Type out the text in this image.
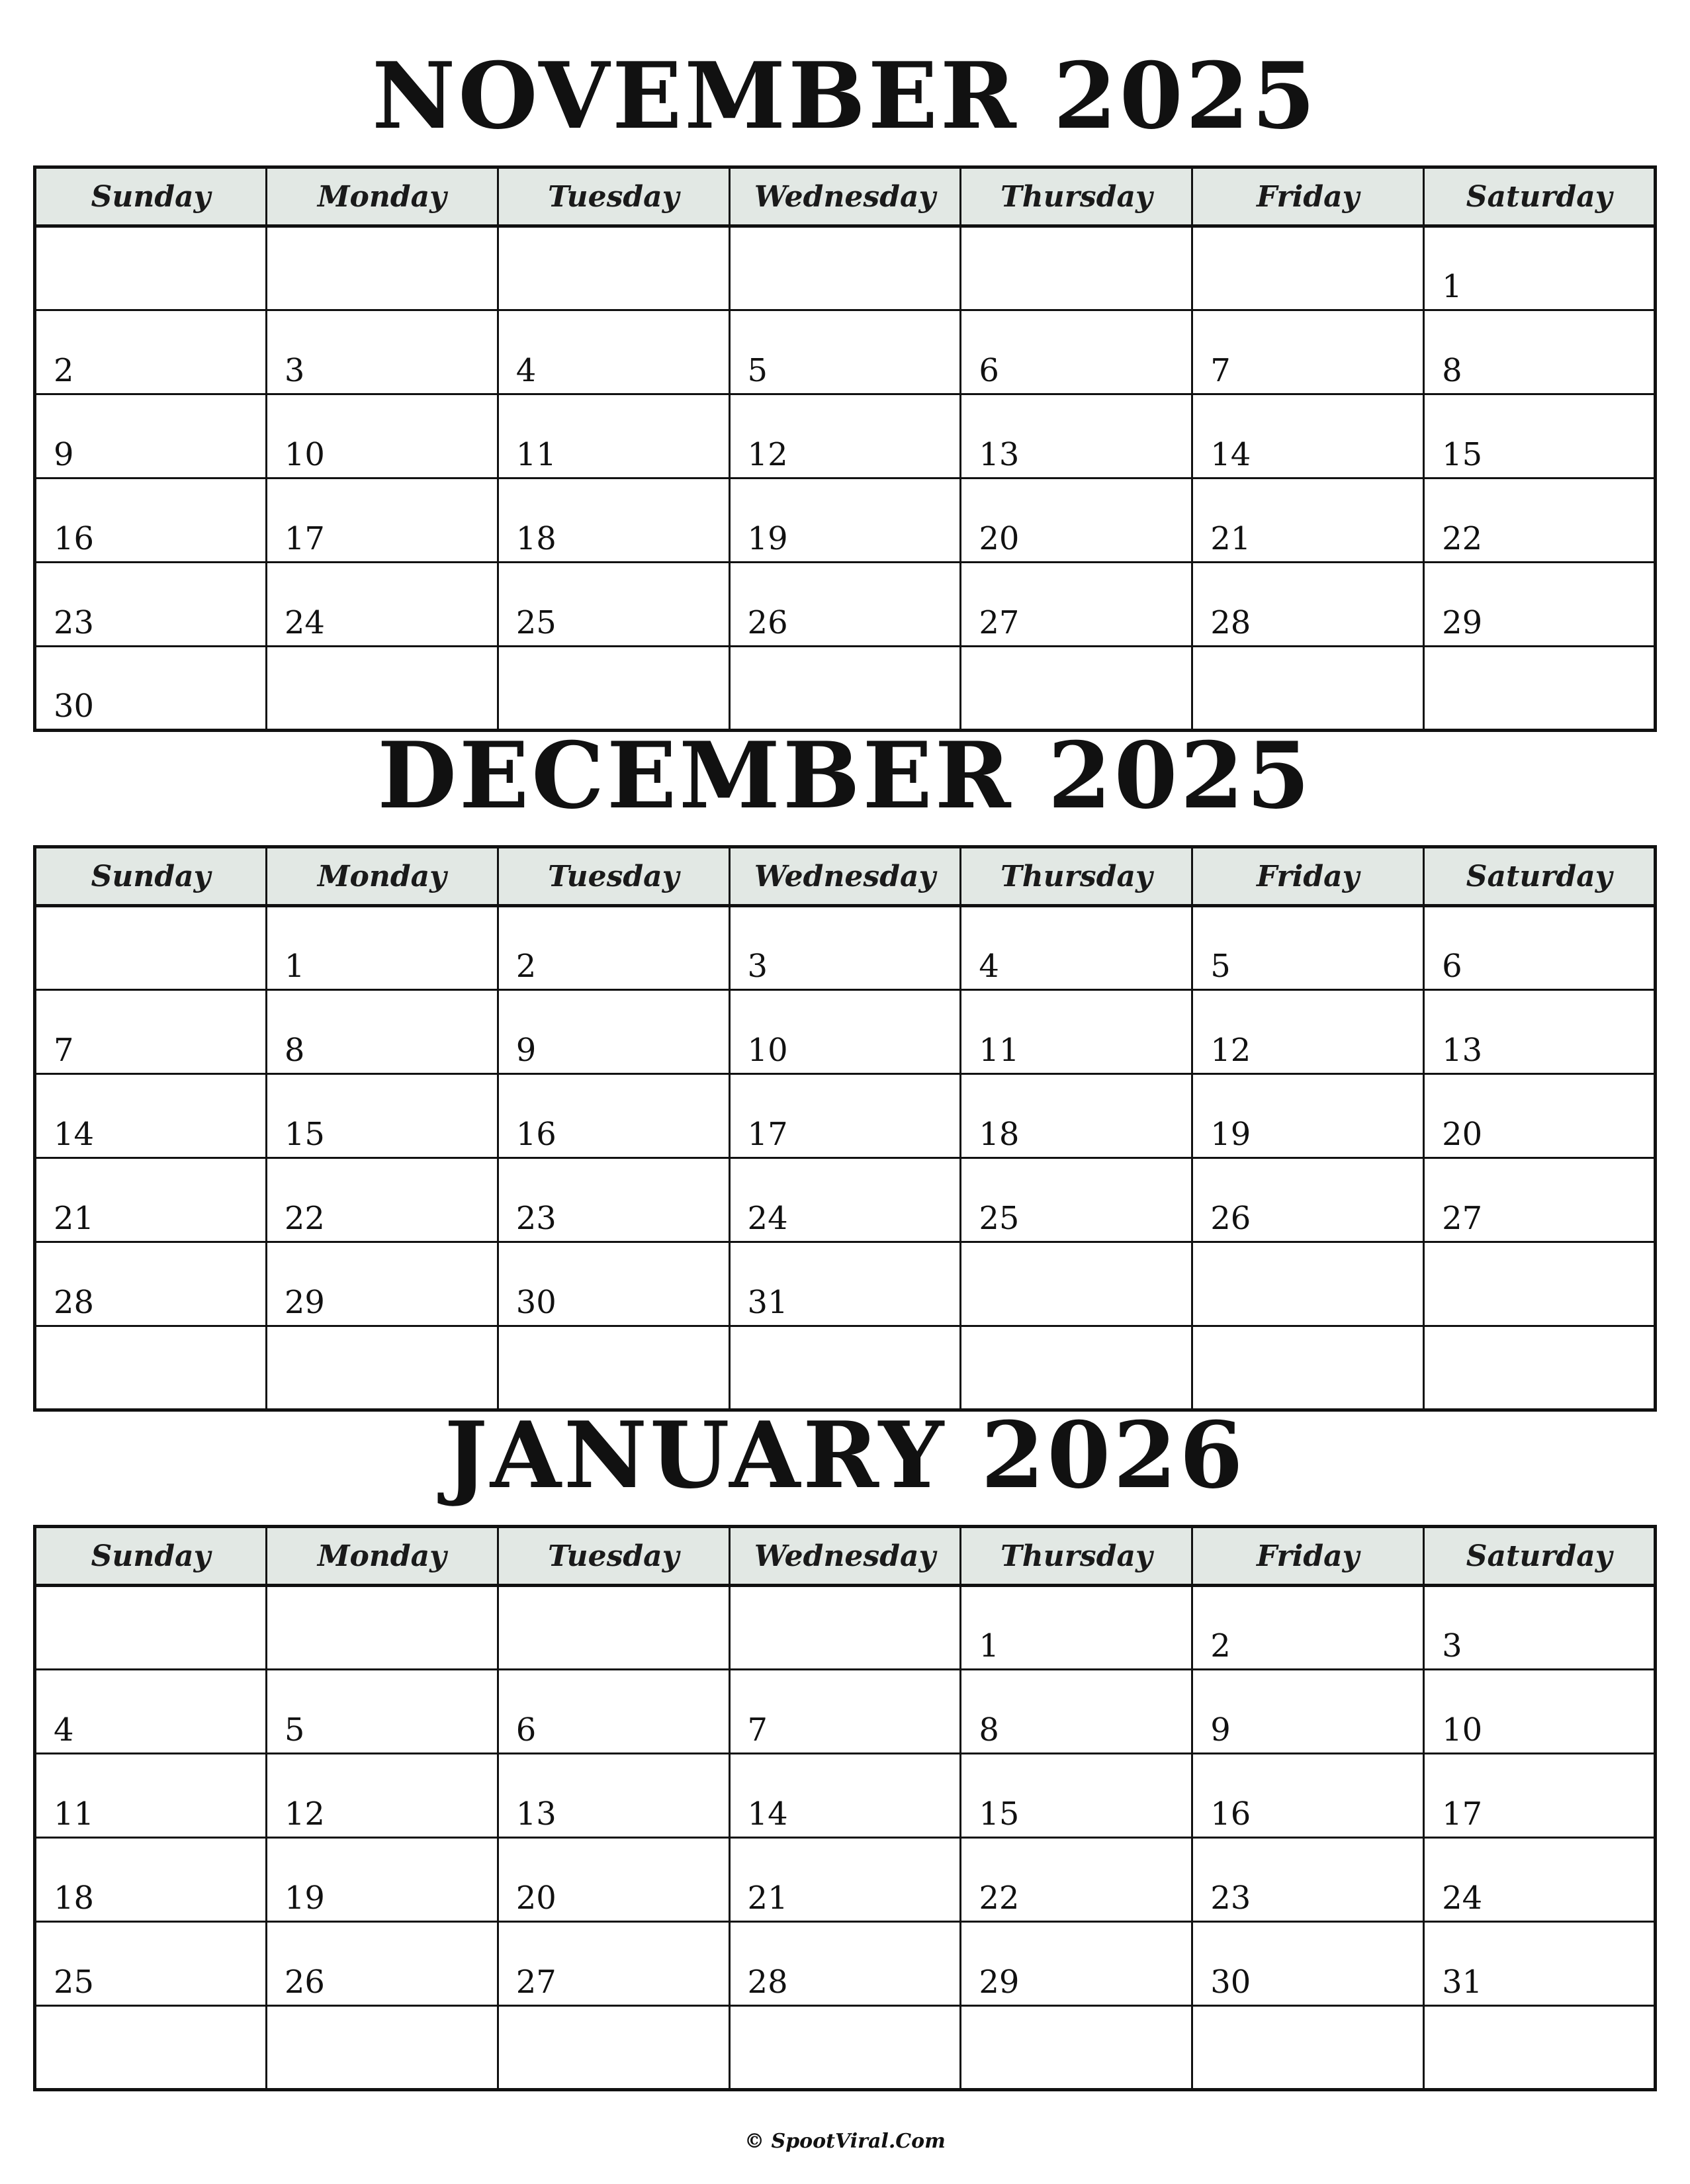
NOVEMBER 2025
Sunday	Monday	Tuesday	Wednesday	Thursday	Friday	Saturday
						1
2	3	4	5	6	7	8
9	10	11	12	13	14	15
16	17	18	19	20	21	22
23	24	25	26	27	28	29
30						
DECEMBER 2025
Sunday	Monday	Tuesday	Wednesday	Thursday	Friday	Saturday
	1	2	3	4	5	6
7	8	9	10	11	12	13
14	15	16	17	18	19	20
21	22	23	24	25	26	27
28	29	30	31			

JANUARY 2026
Sunday	Monday	Tuesday	Wednesday	Thursday	Friday	Saturday
				1	2	3
4	5	6	7	8	9	10
11	12	13	14	15	16	17
18	19	20	21	22	23	24
25	26	27	28	29	30	31

© SpootViral.Com
